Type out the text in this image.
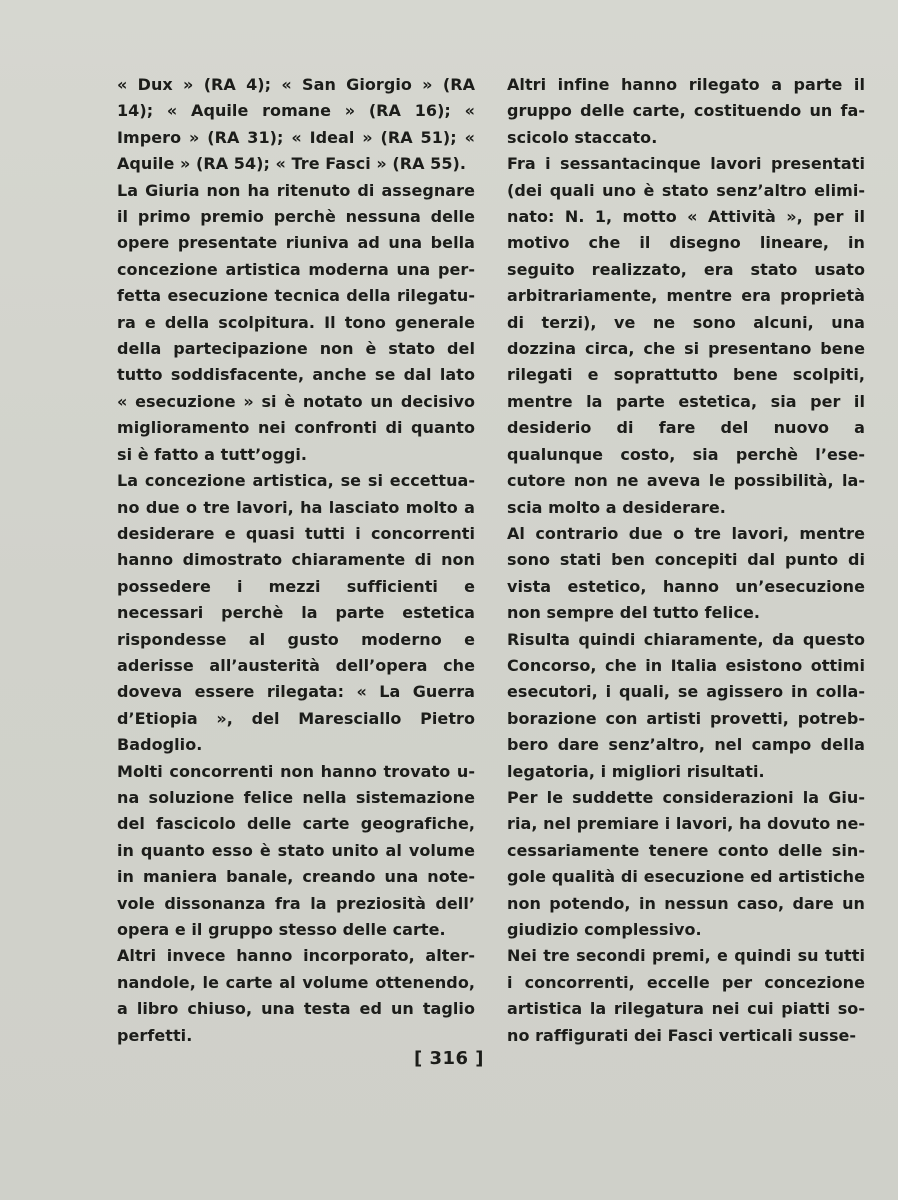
« Dux » (RA 4); « San Giorgio » (RA 14); « Aquile romane » (RA 16); « Impero » (RA 31); « Ideal » (RA 51); « Aquile » (RA 54); « Tre Fasci » (RA 55).

La Giuria non ha ritenuto di assegnare il primo premio perchè nessuna delle opere presentate riuniva ad una bella concezione artistica moderna una perfetta esecuzione tecnica della rilegatura e della scolpitura. Il tono generale della partecipazione non è stato del tutto soddisfacente, anche se dal lato « esecuzione » si è notato un decisivo miglioramento nei confronti di quanto si è fatto a tutt’oggi.

La concezione artistica, se si eccettuano due o tre lavori, ha lasciato molto a desiderare e quasi tutti i concorrenti hanno dimostrato chiaramente di non possedere i mezzi sufficienti e necessari perchè la parte estetica rispondesse al gusto moderno e aderisse all’austerità dell’opera che doveva essere rilegata: « La Guerra d’Etiopia », del Maresciallo Pietro Badoglio.

Molti concorrenti non hanno trovato una soluzione felice nella sistemazione del fascicolo delle carte geografiche, in quanto esso è stato unito al volume in maniera banale, creando una notevole dissonanza fra la preziosità dell’ opera e il gruppo stesso delle carte.

Altri invece hanno incorporato, alternandole, le carte al volume ottenendo, a libro chiuso, una testa ed un taglio perfetti.

Altri infine hanno rilegato a parte il gruppo delle carte, costituendo un fascicolo staccato.

Fra i sessantacinque lavori presentati (dei quali uno è stato senz’altro eliminato: N. 1, motto « Attività », per il motivo che il disegno lineare, in seguito realizzato, era stato usato arbitrariamente, mentre era proprietà di terzi), ve ne sono alcuni, una dozzina circa, che si presentano bene rilegati e soprattutto bene scolpiti, mentre la parte estetica, sia per il desiderio di fare del nuovo a qualunque costo, sia perchè l’esecutore non ne aveva le possibilità, lascia molto a desiderare.

Al contrario due o tre lavori, mentre sono stati ben concepiti dal punto di vista estetico, hanno un’esecuzione non sempre del tutto felice.

Risulta quindi chiaramente, da questo Concorso, che in Italia esistono ottimi esecutori, i quali, se agissero in collaborazione con artisti provetti, potrebbero dare senz’altro, nel campo della legatoria, i migliori risultati.

Per le suddette considerazioni la Giuria, nel premiare i lavori, ha dovuto necessariamente tenere conto delle singole qualità di esecuzione ed artistiche non potendo, in nessun caso, dare un giudizio complessivo.

Nei tre secondi premi, e quindi su tutti i concorrenti, eccelle per concezione artistica la rilegatura nei cui piatti sono raffigurati dei Fasci verticali susse-

[ 316 ]
